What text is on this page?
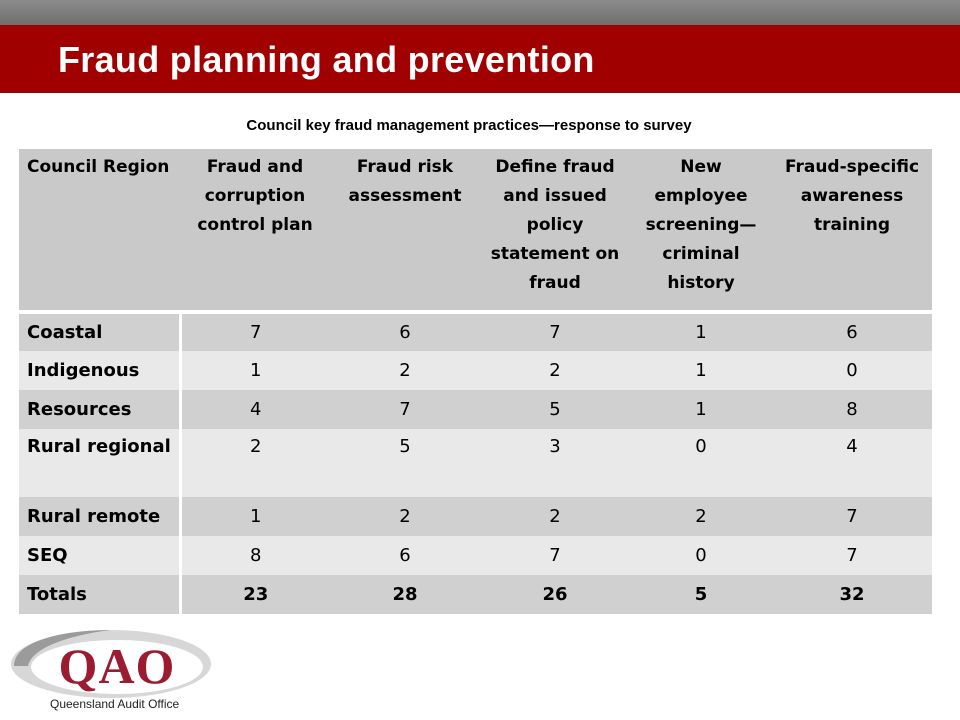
Fraud planning and prevention
Council key fraud management practices—response to survey
Council Region	Fraud and corruption control plan	Fraud risk assessment	Define fraud and issued policy statement on fraud	New employee screening—criminal history	Fraud-specific awareness training
Coastal	7	6	7	1	6
Indigenous	1	2	2	1	0
Resources	4	7	5	1	8
Rural regional	2	5	3	0	4
Rural remote	1	2	2	2	7
SEQ	8	6	7	0	7
Totals	23	28	26	5	32
QAO
Queensland Audit Office
